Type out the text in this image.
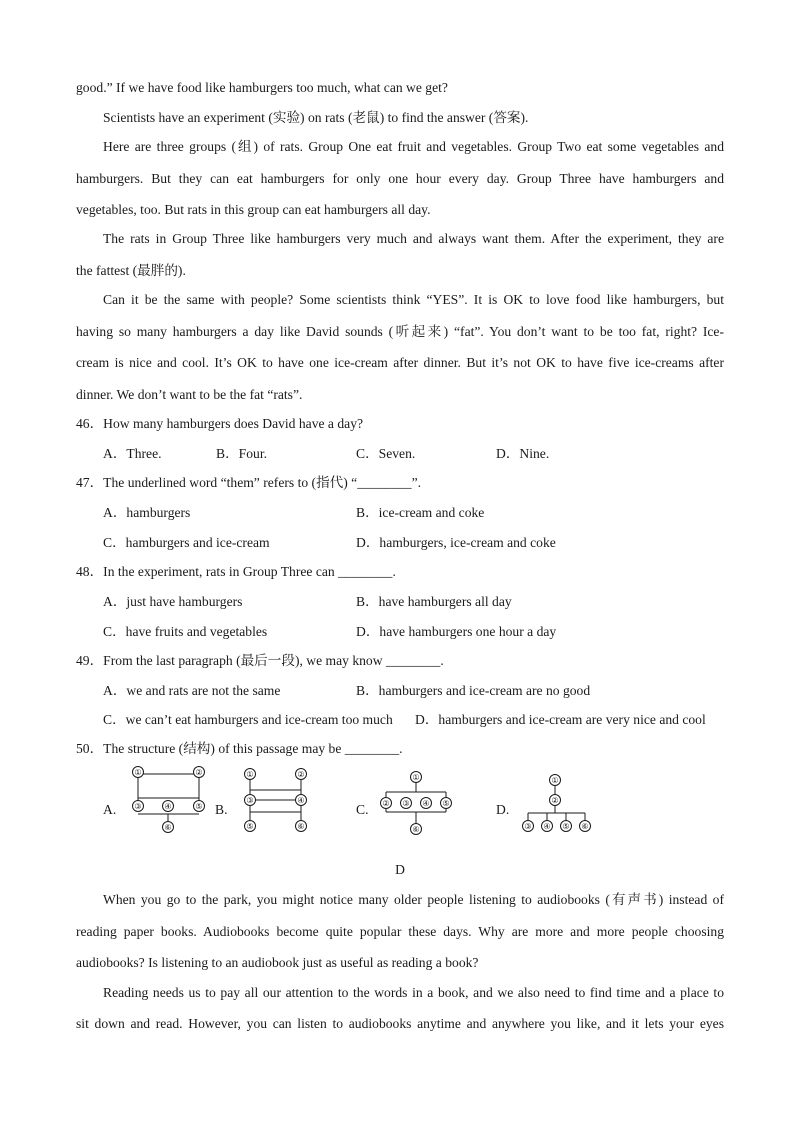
good.” If we have food like hamburgers too much, what can we get?
Scientists have an experiment (实验) on rats (老鼠) to find the answer (答案).
Here are three groups (组) of rats. Group One eat fruit and vegetables. Group Two eat some vegetables and
hamburgers. But they can eat hamburgers for only one hour every day. Group Three have hamburgers and
vegetables, too. But rats in this group can eat hamburgers all day.
The rats in Group Three like hamburgers very much and always want them. After the experiment, they are
the fattest (最胖的).
Can it be the same with people? Some scientists think “YES”. It is OK to love food like hamburgers, but
having so many hamburgers a day like David sounds (听起来) “fat”. You don’t want to be too fat, right? Ice-
cream is nice and cool. It’s OK to have one ice-cream after dinner. But it’s not OK to have five ice-creams after
dinner. We don’t want to be the fat “rats”.
46．How many hamburgers does David have a day?
A．Three.	B．Four.	C．Seven.	D．Nine.
47．The underlined word “them” refers to (指代) “________”.
A．hamburgers	B．ice-cream and coke
C．hamburgers and ice-cream	D．hamburgers, ice-cream and coke
48．In the experiment, rats in Group Three can ________.
A．just have hamburgers	B．have hamburgers all day
C．have fruits and vegetables	D．have hamburgers one hour a day
49．From the last paragraph (最后一段), we may know ________.
A．we and rats are not the same	B．hamburgers and ice-cream are no good
C．we can’t eat hamburgers and ice-cream too much D．hamburgers and ice-cream are very nice and cool
50．The structure (结构) of this passage may be ________.
A.	B.	C.	D.
①	②
③	④	⑤
⑥
①	②
③	④
⑤	⑥
①
② ③ ④ ⑤
⑥
①
②
③ ④ ⑤ ⑥
D
When you go to the park, you might notice many older people listening to audiobooks (有声书) instead of
reading paper books. Audiobooks become quite popular these days. Why are more and more people choosing
audiobooks? Is listening to an audiobook just as useful as reading a book?
Reading needs us to pay all our attention to the words in a book, and we also need to find time and a place to
sit down and read. However, you can listen to audiobooks anytime and anywhere you like, and it lets your eyes
